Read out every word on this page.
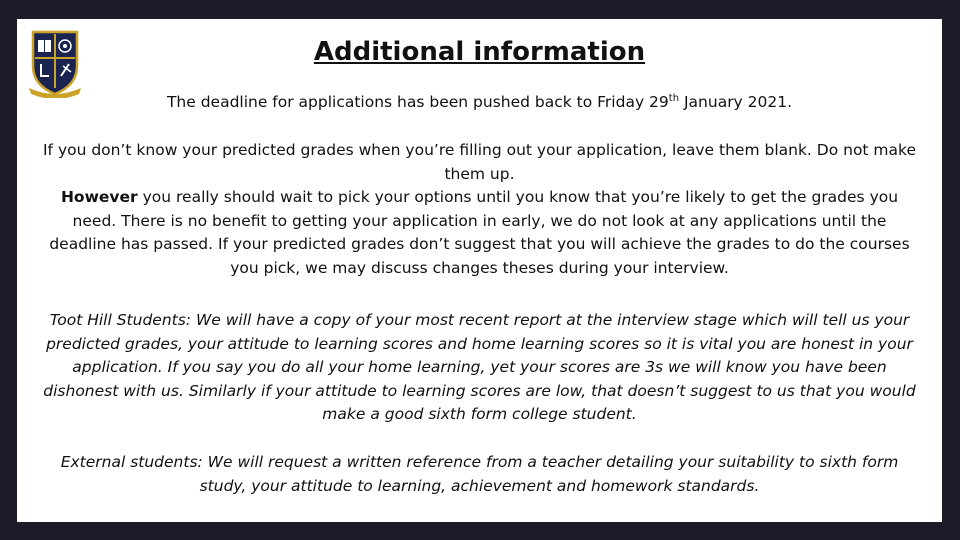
Additional information

The deadline for applications has been pushed back to Friday 29th January 2021.

If you don’t know your predicted grades when you’re filling out your application, leave them blank. Do not make them up.
However you really should wait to pick your options until you know that you’re likely to get the grades you need. There is no benefit to getting your application in early, we do not look at any applications until the deadline has passed. If your predicted grades don’t suggest that you will achieve the grades to do the courses you pick, we may discuss changes theses during your interview.

Toot Hill Students: We will have a copy of your most recent report at the interview stage which will tell us your predicted grades, your attitude to learning scores and home learning scores so it is vital you are honest in your application. If you say you do all your home learning, yet your scores are 3s we will know you have been dishonest with us. Similarly if your attitude to learning scores are low, that doesn’t suggest to us that you would make a good sixth form college student.

External students: We will request a written reference from a teacher detailing your suitability to sixth form study, your attitude to learning, achievement and homework standards.
